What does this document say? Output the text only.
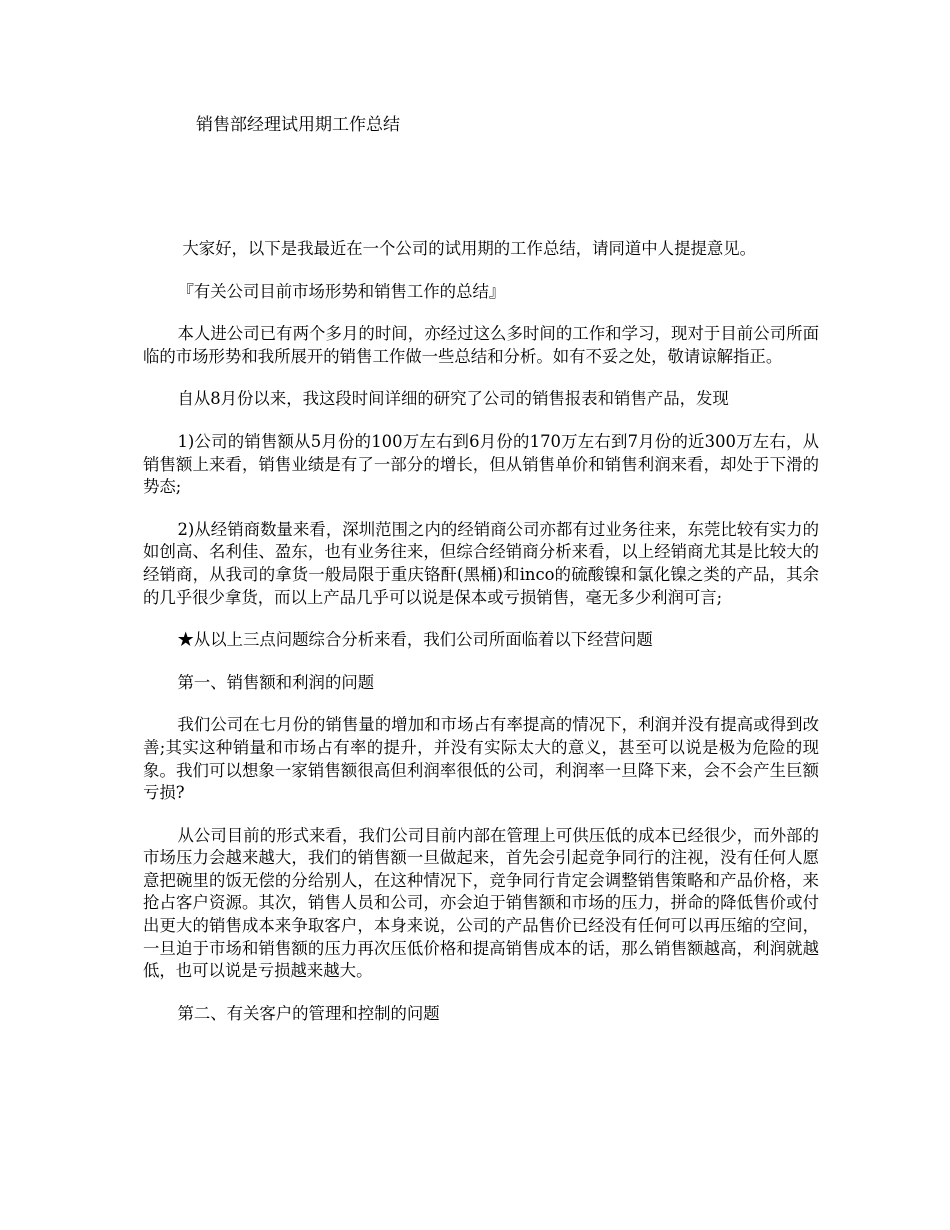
销售部经理试用期工作总结

大家好，以下是我最近在一个公司的试用期的工作总结，请同道中人提提意见。

『有关公司目前市场形势和销售工作的总结』

本人进公司已有两个多月的时间，亦经过这么多时间的工作和学习，现对于目前公司所面临的市场形势和我所展开的销售工作做一些总结和分析。如有不妥之处，敬请谅解指正。

自从8月份以来，我这段时间详细的研究了公司的销售报表和销售产品，发现

1)公司的销售额从5月份的100万左右到6月份的170万左右到7月份的近300万左右，从销售额上来看，销售业绩是有了一部分的增长，但从销售单价和销售利润来看，却处于下滑的势态;

2)从经销商数量来看，深圳范围之内的经销商公司亦都有过业务往来，东莞比较有实力的如创高、名利佳、盈东，也有业务往来，但综合经销商分析来看，以上经销商尤其是比较大的经销商，从我司的拿货一般局限于重庆铬酐(黑桶)和inco的硫酸镍和氯化镍之类的产品，其余的几乎很少拿货，而以上产品几乎可以说是保本或亏损销售，毫无多少利润可言;

★从以上三点问题综合分析来看，我们公司所面临着以下经营问题

第一、销售额和利润的问题

我们公司在七月份的销售量的增加和市场占有率提高的情况下，利润并没有提高或得到改善;其实这种销量和市场占有率的提升，并没有实际太大的意义，甚至可以说是极为危险的现象。我们可以想象一家销售额很高但利润率很低的公司，利润率一旦降下来，会不会产生巨额亏损?

从公司目前的形式来看，我们公司目前内部在管理上可供压低的成本已经很少，而外部的市场压力会越来越大，我们的销售额一旦做起来，首先会引起竞争同行的注视，没有任何人愿意把碗里的饭无偿的分给别人，在这种情况下，竞争同行肯定会调整销售策略和产品价格，来抢占客户资源。其次，销售人员和公司，亦会迫于销售额和市场的压力，拼命的降低售价或付出更大的销售成本来争取客户，本身来说，公司的产品售价已经没有任何可以再压缩的空间，一旦迫于市场和销售额的压力再次压低价格和提高销售成本的话，那么销售额越高，利润就越低，也可以说是亏损越来越大。

第二、有关客户的管理和控制的问题
